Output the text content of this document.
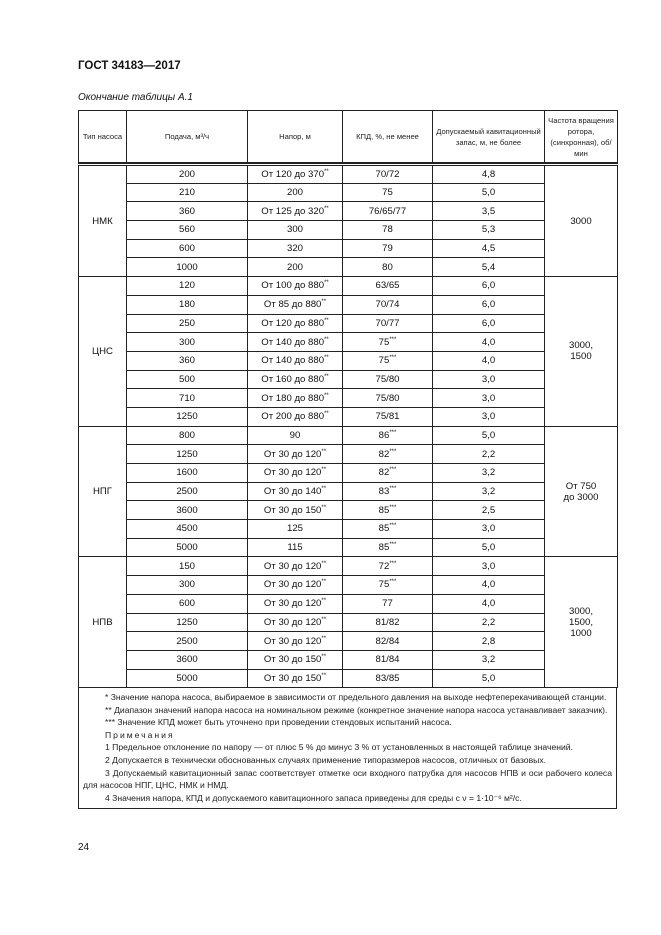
ГОСТ 34183—2017
Окончание таблицы А.1
Тип насоса	Подача, м³/ч	Напор, м	КПД, %, не менее	Допускаемый кавитационный запас, м, не более	Частота вращения ротора, (синхронная), об/мин

НМК	200	От 120 до 370**	70/72	4,8	3000

	210	200	75	5,0	
	360	От 125 до 320**	76/65/77	3,5	
	560	300	78	5,3	
	600	320	79	4,5	
	1000	200	80	5,4	
ЦНС	120	От 100 до 880**	63/65	6,0	3000,
1500

	180	От 85 до 880**	70/74	6,0	
	250	От 120 до 880**	70/77	6,0	
	300	От 140 до 880**	75***	4,0	
	360	От 140 до 880**	75***	4,0	
	500	От 160 до 880**	75/80	3,0	
	710	От 180 до 880**	75/80	3,0	
	1250	От 200 до 880**	75/81	3,0	
НПГ	800	90	86***	5,0	От 750
до 3000

	1250	От 30 до 120**	82***	2,2	
	1600	От 30 до 120**	82***	3,2	
	2500	От 30 до 140**	83***	3,2	
	3600	От 30 до 150**	85***	2,5	
	4500	125	85***	3,0	
	5000	115	85***	5,0	
НПВ	150	От 30 до 120**	72***	3,0	3000,
1500,
1000

	300	От 30 до 120**	75***	4,0	
	600	От 30 до 120**	77	4,0	
	1250	От 30 до 120**	81/82	2,2	
	2500	От 30 до 120**	82/84	2,8	
	3600	От 30 до 150**	81/84	3,2	
	5000	От 30 до 150**	83/85	5,0	

* Значение напора насоса, выбираемое в зависимости от предельного давления на выходе нефтеперекачивающей станции.

** Диапазон значений напора насоса на номинальном режиме (конкретное значение напора насоса устанавливает заказчик).

*** Значение КПД может быть уточнено при проведении стендовых испытаний насоса.

Примечания

1 Предельное отклонение по напору — от плюс 5 % до минус 3 % от установленных в настоящей таблице значений.

2 Допускается в технически обоснованных случаях применение типоразмеров насосов, отличных от базовых.

3 Допускаемый кавитационный запас соответствует отметке оси входного патрубка для насосов НПВ и оси рабочего колеса для насосов НПГ, ЦНС, НМК и НМД.

4 Значения напора, КПД и допускаемого кавитационного запаса приведены для среды с ν = 1·10⁻⁶ м²/с.

24
